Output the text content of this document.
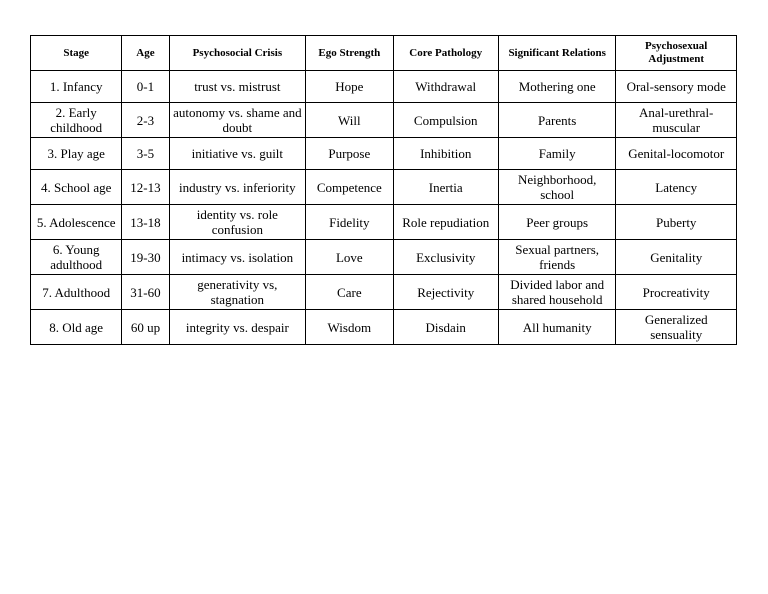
Stage	Age	Psychosocial Crisis	Ego Strength	Core Pathology	Significant Relations	Psychosexual Adjustment
1. Infancy	0-1	trust vs. mistrust	Hope	Withdrawal	Mothering one	Oral-sensory mode
2. Early childhood	2-3	autonomy vs. shame and doubt	Will	Compulsion	Parents	Anal-urethral-muscular
3. Play age	3-5	initiative vs. guilt	Purpose	Inhibition	Family	Genital-locomotor
4. School age	12-13	industry vs. inferiority	Competence	Inertia	Neighborhood, school	Latency
5. Adolescence	13-18	identity vs. role confusion	Fidelity	Role repudiation	Peer groups	Puberty
6. Young adulthood	19-30	intimacy vs. isolation	Love	Exclusivity	Sexual partners, friends	Genitality
7. Adulthood	31-60	generativity vs, stagnation	Care	Rejectivity	Divided labor and shared household	Procreativity
8. Old age	60 up	integrity vs. despair	Wisdom	Disdain	All humanity	Generalized sensuality
